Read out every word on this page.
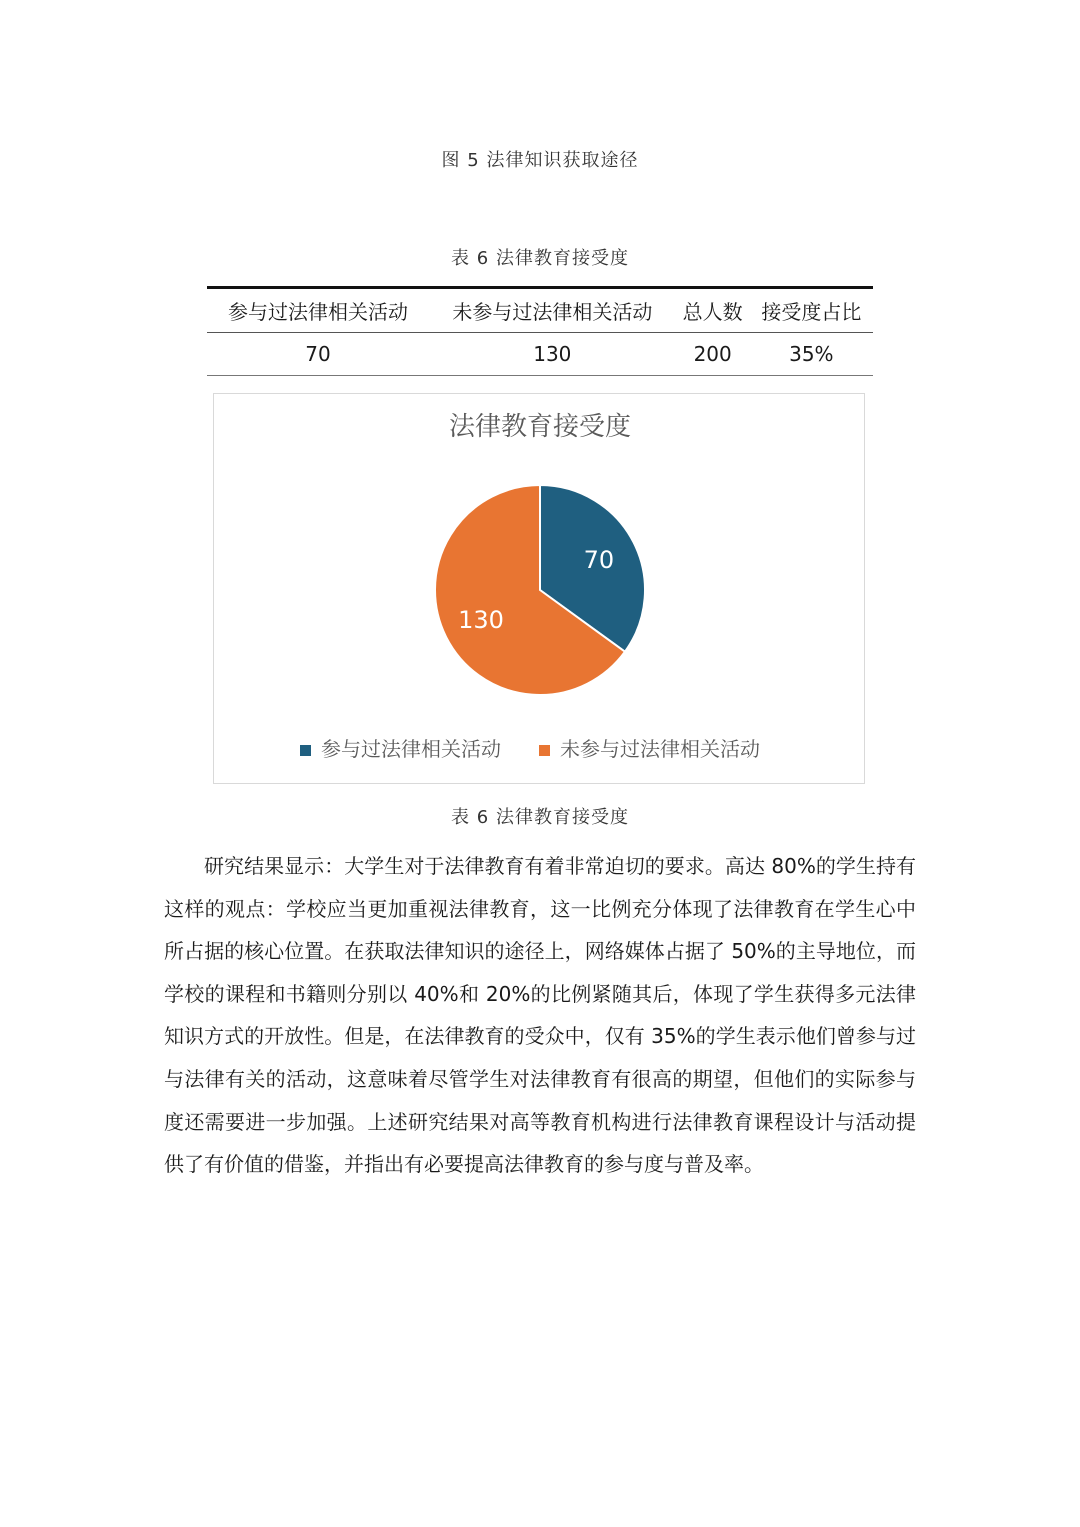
图 5 法律知识获取途径
表 6 法律教育接受度
参与过法律相关活动	未参与过法律相关活动	总人数	接受度占比
70	130	200	35%
法律教育接受度
70
130
参与过法律相关活动	未参与过法律相关活动
表 6 法律教育接受度

研究结果显示：大学生对于法律教育有着非常迫切的要求。高达 80%的学生持有这样的观点：学校应当更加重视法律教育，这一比例充分体现了法律教育在学生心中所占据的核心位置。在获取法律知识的途径上，网络媒体占据了 50%的主导地位，而学校的课程和书籍则分别以 40%和 20%的比例紧随其后，体现了学生获得多元法律知识方式的开放性。但是，在法律教育的受众中，仅有 35%的学生表示他们曾参与过与法律有关的活动，这意味着尽管学生对法律教育有很高的期望，但他们的实际参与度还需要进一步加强。上述研究结果对高等教育机构进行法律教育课程设计与活动提供了有价值的借鉴，并指出有必要提高法律教育的参与度与普及率。
